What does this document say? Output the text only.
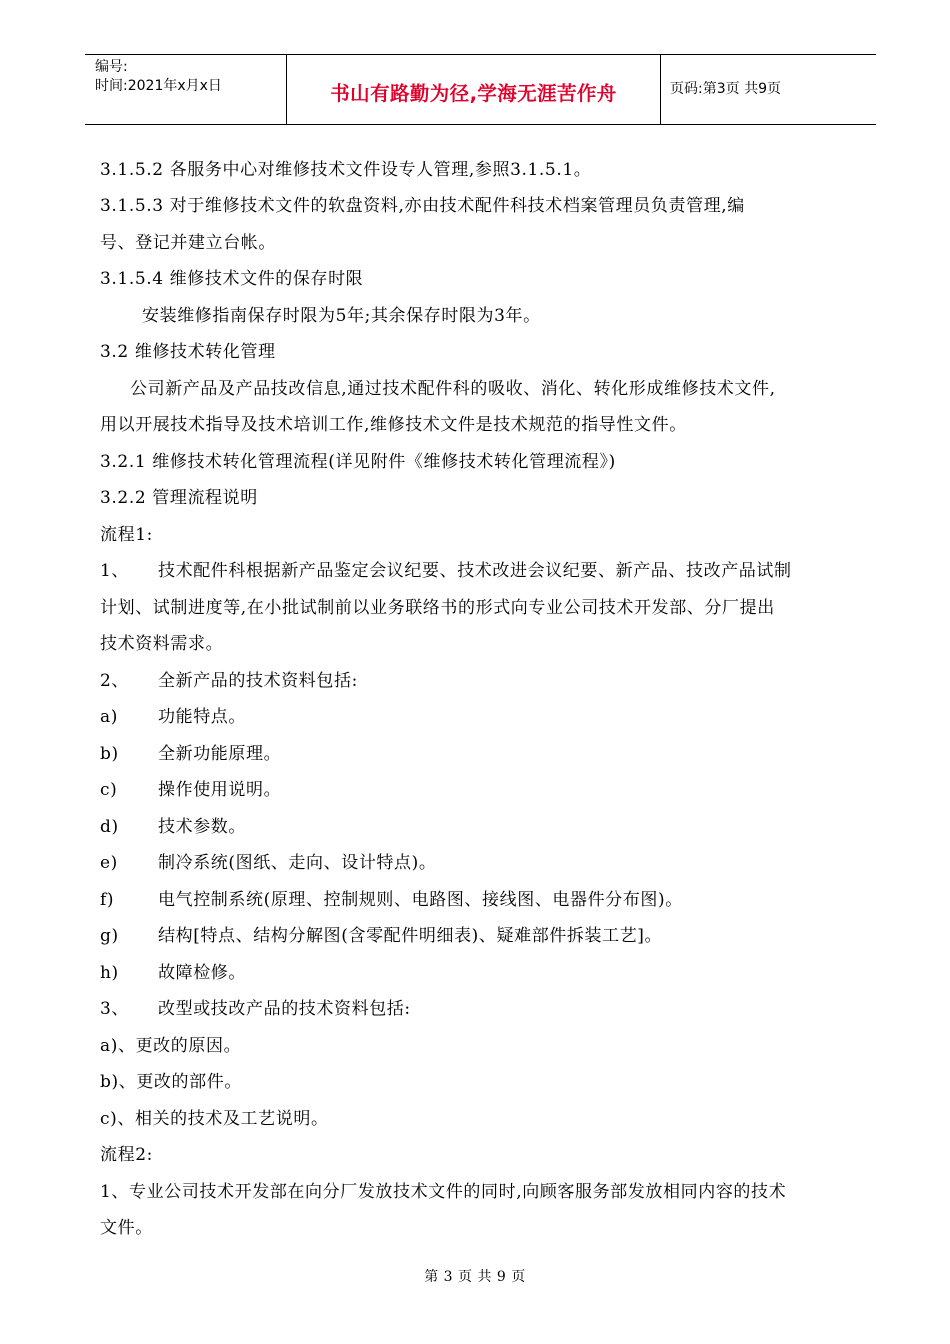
编号:
时间:2021年x月x日	书山有路勤为径,学海无涯苦作舟	页码:第3页 共9页
3.1.5.2 各服务中心对维修技术文件设专人管理,参照3.1.5.1。
3.1.5.3 对于维修技术文件的软盘资料,亦由技术配件科技术档案管理员负责管理,编
号、登记并建立台帐。
3.1.5.4 维修技术文件的保存时限
安装维修指南保存时限为5年;其余保存时限为3年。
3.2 维修技术转化管理
公司新产品及产品技改信息,通过技术配件科的吸收、消化、转化形成维修技术文件,
用以开展技术指导及技术培训工作,维修技术文件是技术规范的指导性文件。
3.2.1 维修技术转化管理流程(详见附件《维修技术转化管理流程》)
3.2.2 管理流程说明
流程1:
1、 技术配件科根据新产品鉴定会议纪要、技术改进会议纪要、新产品、技改产品试制
计划、试制进度等,在小批试制前以业务联络书的形式向专业公司技术开发部、分厂提出
技术资料需求。
2、 全新产品的技术资料包括:
a) 功能特点。
b) 全新功能原理。
c) 操作使用说明。
d) 技术参数。
e) 制冷系统(图纸、走向、设计特点)。
f)	电气控制系统(原理、控制规则、电路图、接线图、电器件分布图)。
g) 结构[特点、结构分解图(含零配件明细表)、疑难部件拆装工艺]。
h) 故障检修。
3、 改型或技改产品的技术资料包括:
a)、更改的原因。
b)、更改的部件。
c)、相关的技术及工艺说明。
流程2:
1、专业公司技术开发部在向分厂发放技术文件的同时,向顾客服务部发放相同内容的技术
文件。
第 3 页 共 9 页
